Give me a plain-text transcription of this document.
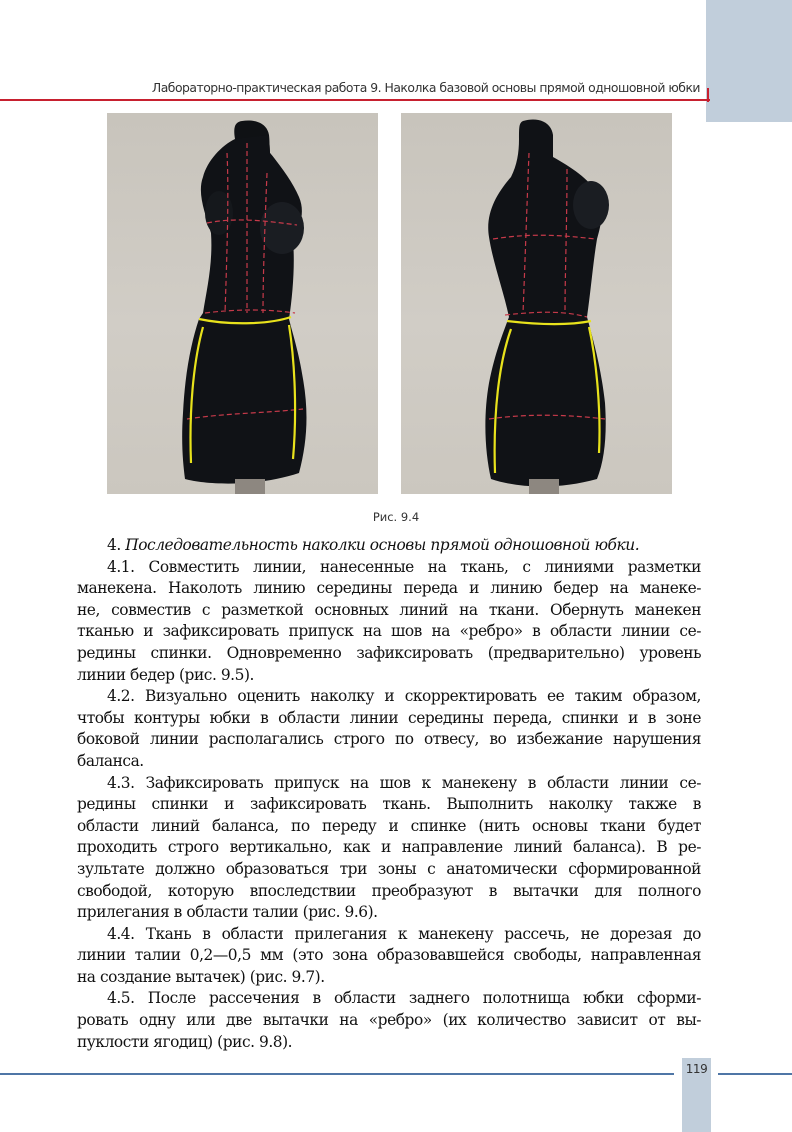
Лабораторно-практическая работа 9. Наколка базовой основы прямой одношовной юбки
Рис. 9.4
4. Последовательность наколки основы прямой одношовной юбки.
4.1. Совместить линии, нанесенные на ткань, с линиями разметки
манекена. Наколоть линию середины переда и линию бедер на манеке-
не, совместив с разметкой основных линий на ткани. Обернуть манекен
тканью и зафиксировать припуск на шов на «ребро» в области линии се-
редины спинки. Одновременно зафиксировать (предварительно) уровень
линии бедер (рис. 9.5).
4.2. Визуально оценить наколку и скорректировать ее таким образом,
чтобы контуры юбки в области линии середины переда, спинки и в зоне
боковой линии располагались строго по отвесу, во избежание нарушения
баланса.
4.3. Зафиксировать припуск на шов к манекену в области линии се-
редины спинки и зафиксировать ткань. Выполнить наколку также в
области линий баланса, по переду и спинке (нить основы ткани будет
проходить строго вертикально, как и направление линий баланса). В ре-
зультате должно образоваться три зоны с анатомически сформированной
свободой, которую впоследствии преобразуют в вытачки для полного
прилегания в области талии (рис. 9.6).
4.4. Ткань в области прилегания к манекену рассечь, не дорезая до
линии талии 0,2—0,5 мм (это зона образовавшейся свободы, направленная
на создание вытачек) (рис. 9.7).
4.5. После рассечения в области заднего полотнища юбки сформи-
ровать одну или две вытачки на «ребро» (их количество зависит от вы-
пуклости ягодиц) (рис. 9.8).
119
